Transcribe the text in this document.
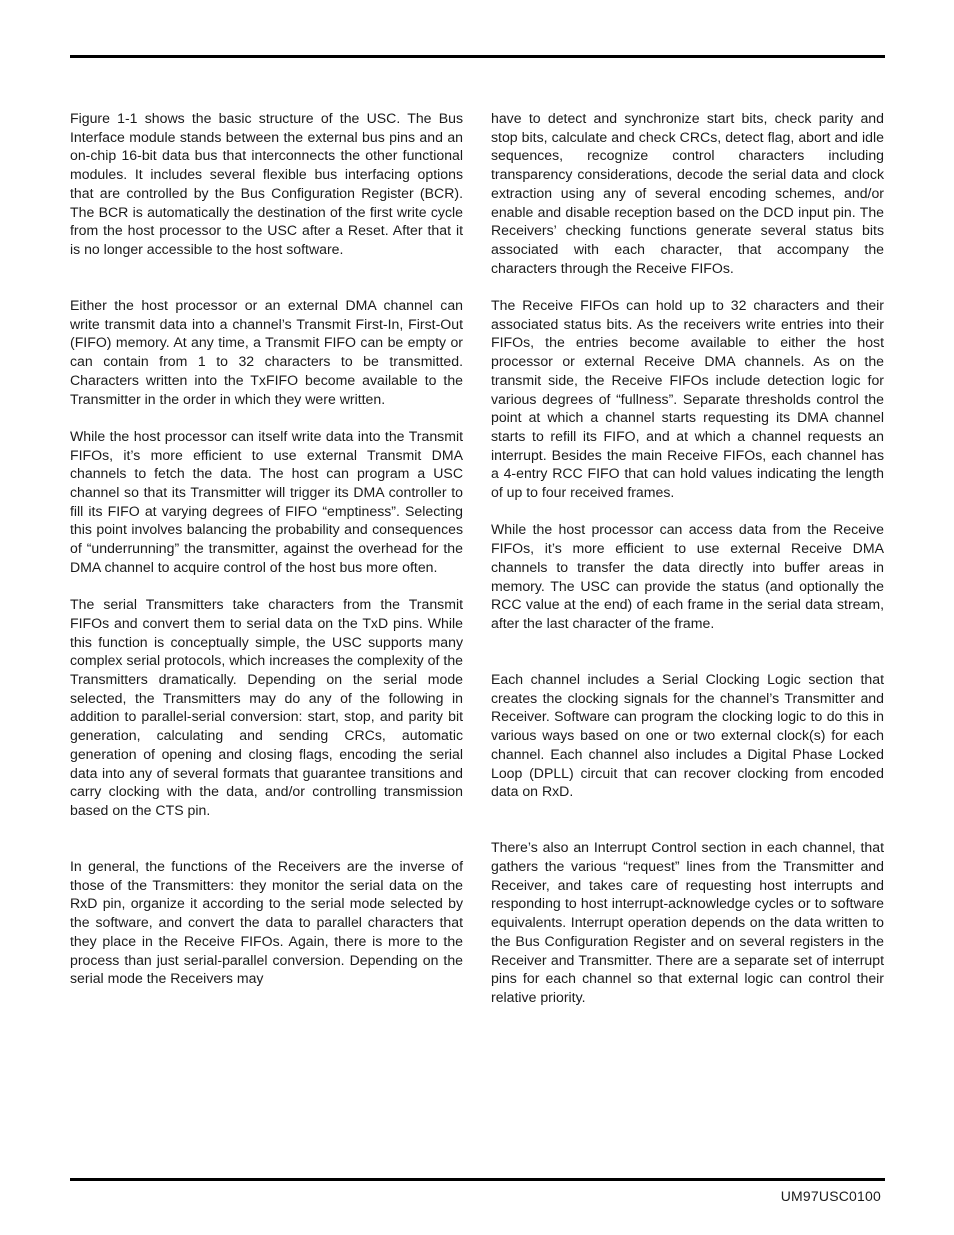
Figure 1-1 shows the basic structure of the USC. The Bus Interface module stands between the external bus pins and an on-chip 16-bit data bus that interconnects the other functional modules. It includes several flexible bus interfacing options that are controlled by the Bus Configuration Register (BCR). The BCR is automatically the destination of the first write cycle from the host processor to the USC after a Reset. After that it is no longer accessible to the host software.

Either the host processor or an external DMA channel can write transmit data into a channel’s Transmit First-In, First-Out (FIFO) memory. At any time, a Transmit FIFO can be empty or can contain from 1 to 32 characters to be transmitted. Characters written into the TxFIFO become available to the Transmitter in the order in which they were written.

While the host processor can itself write data into the Transmit FIFOs, it’s more efficient to use external Transmit DMA channels to fetch the data. The host can program a USC channel so that its Transmitter will trigger its DMA controller to fill its FIFO at varying degrees of FIFO “emptiness”. Selecting this point involves balancing the probability and consequences of “underrunning” the transmitter, against the overhead for the DMA channel to acquire control of the host bus more often.

The serial Transmitters take characters from the Transmit FIFOs and convert them to serial data on the TxD pins. While this function is conceptually simple, the USC supports many complex serial protocols, which increases the complexity of the Transmitters dramatically. Depending on the serial mode selected, the Transmitters may do any of the following in addition to parallel-serial conversion: start, stop, and parity bit generation, calculating and sending CRCs, automatic generation of opening and closing flags, encoding the serial data into any of several formats that guarantee transitions and carry clocking with the data, and/or controlling transmission based on the CTS pin.

In general, the functions of the Receivers are the inverse of those of the Transmitters: they monitor the serial data on the RxD pin, organize it according to the serial mode selected by the software, and convert the data to parallel characters that they place in the Receive FIFOs. Again, there is more to the process than just serial-parallel conversion. Depending on the serial mode the Receivers may

have to detect and synchronize start bits, check parity and stop bits, calculate and check CRCs, detect flag, abort and idle sequences, recognize control characters including transparency considerations, decode the serial data and clock extraction using any of several encoding schemes, and/or enable and disable reception based on the DCD input pin. The Receivers’ checking functions generate several status bits associated with each character, that accompany the characters through the Receive FIFOs.

The Receive FIFOs can hold up to 32 characters and their associated status bits. As the receivers write entries into their FIFOs, the entries become available to either the host processor or external Receive DMA channels. As on the transmit side, the Receive FIFOs include detection logic for various degrees of “fullness”. Separate thresholds control the point at which a channel starts requesting its DMA channel starts to refill its FIFO, and at which a channel requests an interrupt. Besides the main Receive FIFOs, each channel has a 4-entry RCC FIFO that can hold values indicating the length of up to four received frames.

While the host processor can access data from the Receive FIFOs, it’s more efficient to use external Receive DMA channels to transfer the data directly into buffer areas in memory. The USC can provide the status (and optionally the RCC value at the end) of each frame in the serial data stream, after the last character of the frame.

Each channel includes a Serial Clocking Logic section that creates the clocking signals for the channel’s Transmitter and Receiver. Software can program the clocking logic to do this in various ways based on one or two external clock(s) for each channel. Each channel also includes a Digital Phase Locked Loop (DPLL) circuit that can recover clocking from encoded data on RxD.

There’s also an Interrupt Control section in each channel, that gathers the various “request” lines from the Transmitter and Receiver, and takes care of requesting host interrupts and responding to host interrupt-acknowledge cycles or to software equivalents. Interrupt operation depends on the data written to the Bus Configuration Register and on several registers in the Receiver and Transmitter. There are a separate set of interrupt pins for each channel so that external logic can control their relative priority.

UM97USC0100
